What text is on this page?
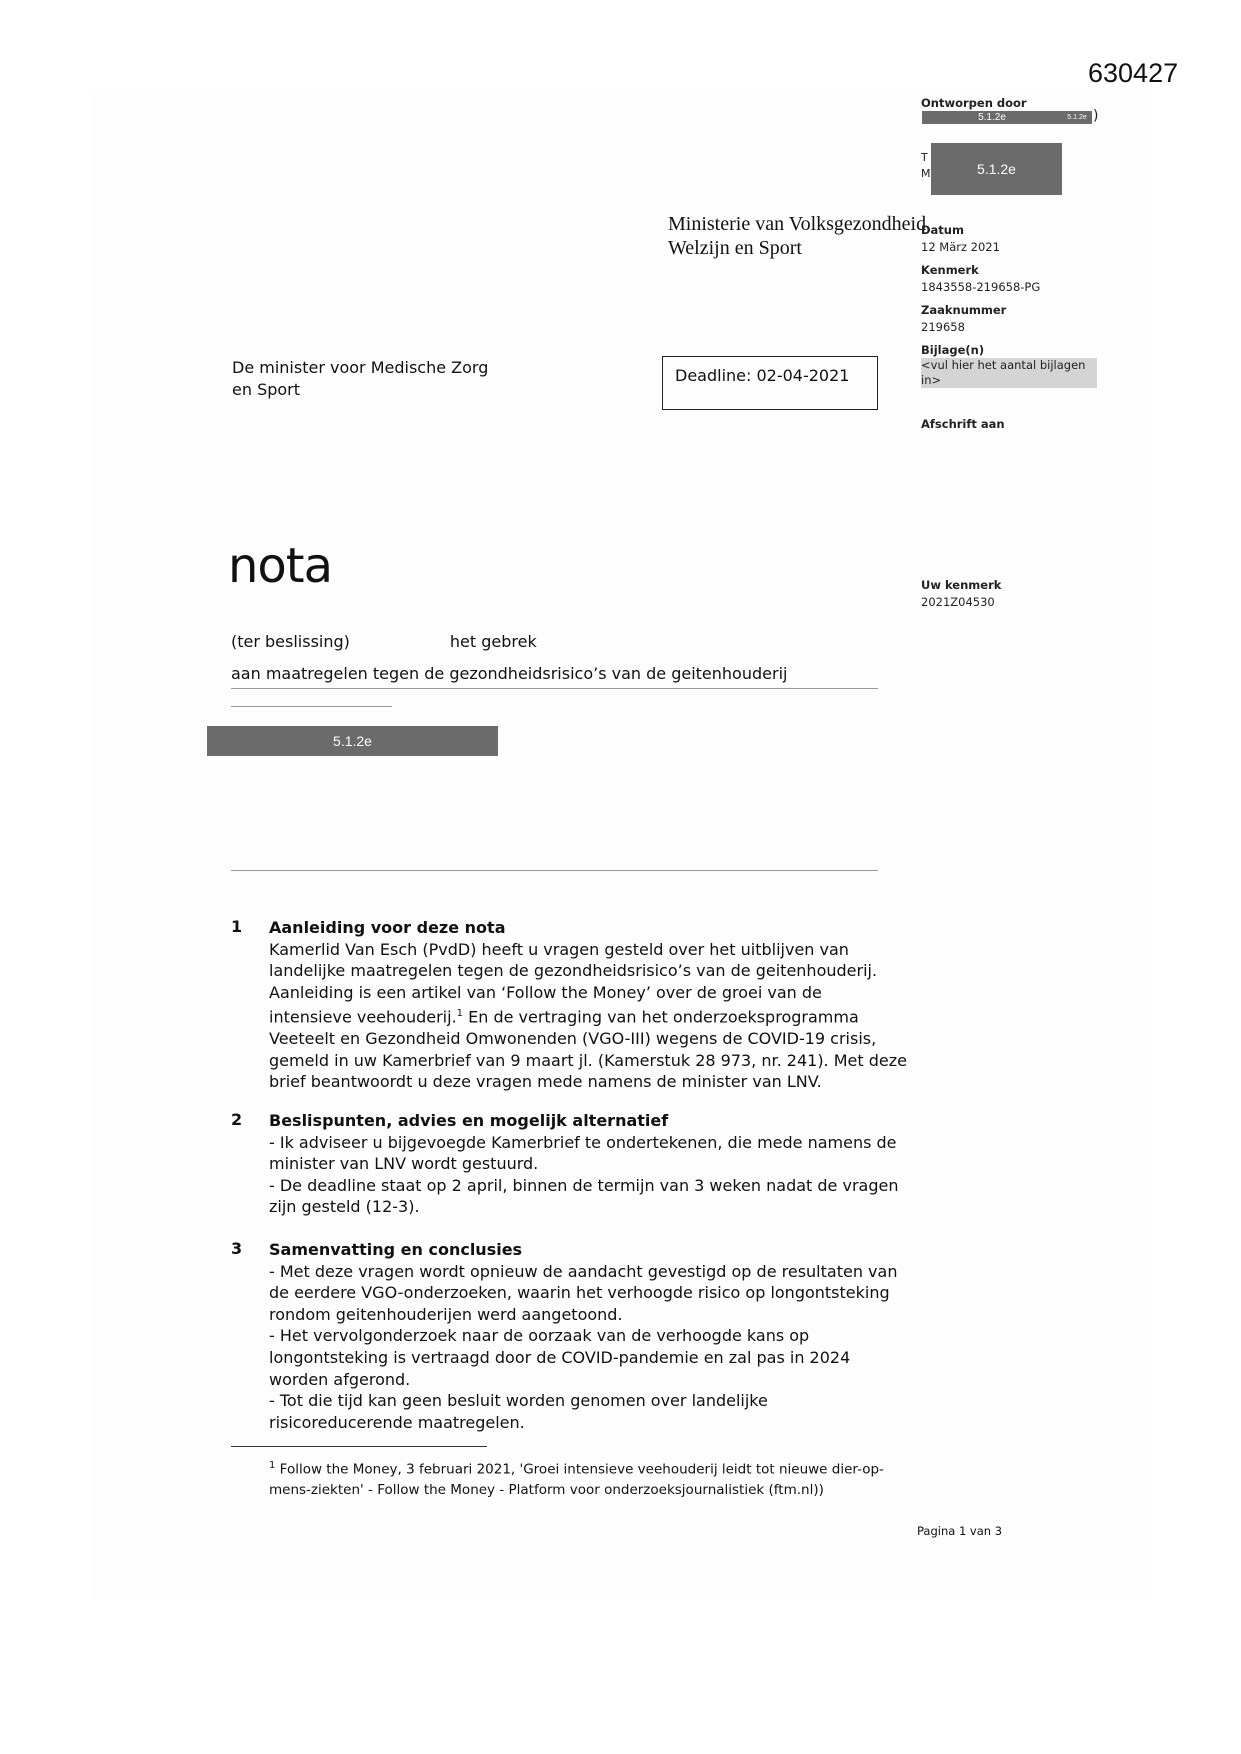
630427
Ministerie van Volksgezondheid,
Welzijn en Sport
Ontworpen door
5.1.2e	5.1.2e )
T
M	5.1.2e
Datum
12 März 2021
Kenmerk
1843558-219658-PG
Zaaknummer
219658
Bijlage(n)
<vul hier het aantal bijlagen in>
Afschrift aan
Uw kenmerk
2021Z04530
De minister voor Medische Zorg
en Sport
Deadline: 02-04-2021
nota
(ter beslissing)	het gebrek
aan maatregelen tegen de gezondheidsrisico’s van de geitenhouderij
5.1.2e
1 Aanleiding voor deze nota

Kamerlid Van Esch (PvdD) heeft u vragen gesteld over het uitblijven van landelijke maatregelen tegen de gezondheidsrisico’s van de geitenhouderij. Aanleiding is een artikel van ‘Follow the Money’ over de groei van de intensieve veehouderij.$^1$ En de vertraging van het onderzoeksprogramma Veeteelt en Gezondheid Omwonenden (VGO-III) wegens de COVID-19 crisis, gemeld in uw Kamerbrief van 9 maart jl. (Kamerstuk 28 973, nr. 241). Met deze brief beantwoordt u deze vragen mede namens de minister van LNV.

2 Beslispunten, advies en mogelijk alternatief

- Ik adviseer u bijgevoegde Kamerbrief te ondertekenen, die mede namens de minister van LNV wordt gestuurd.

- De deadline staat op 2 april, binnen de termijn van 3 weken nadat de vragen zijn gesteld (12-3).

3 Samenvatting en conclusies

- Met deze vragen wordt opnieuw de aandacht gevestigd op de resultaten van de eerdere VGO-onderzoeken, waarin het verhoogde risico op longontsteking rondom geitenhouderijen werd aangetoond.

- Het vervolgonderzoek naar de oorzaak van de verhoogde kans op longontsteking is vertraagd door de COVID-pandemie en zal pas in 2024 worden afgerond.

- Tot die tijd kan geen besluit worden genomen over landelijke risicoreducerende maatregelen.

$^1$ Follow the Money, 3 februari 2021, 'Groei intensieve veehouderij leidt tot nieuwe dier-op-mens-ziekten' - Follow the Money - Platform voor onderzoeksjournalistiek (ftm.nl))
Pagina 1 van 3
